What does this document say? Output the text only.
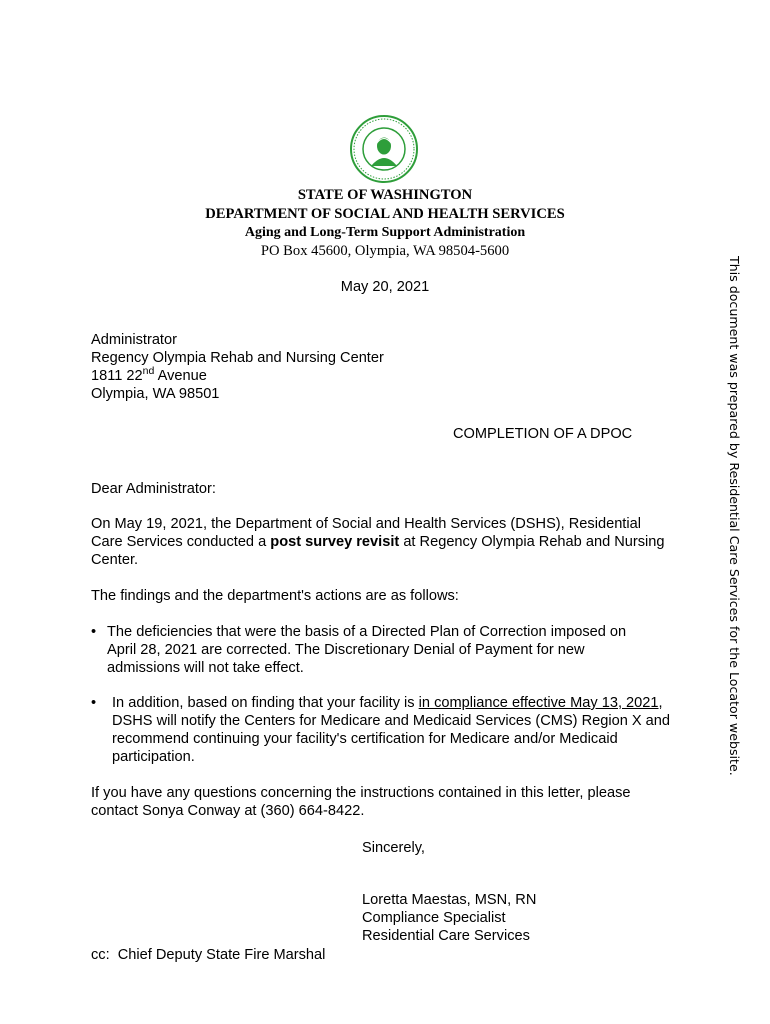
STATE OF WASHINGTON
DEPARTMENT OF SOCIAL AND HEALTH SERVICES
Aging and Long-Term Support Administration
PO Box 45600, Olympia, WA 98504-5600
May 20, 2021
Administrator
Regency Olympia Rehab and Nursing Center
1811 22nd Avenue
Olympia, WA 98501
COMPLETION OF A DPOC
Dear Administrator:

On May 19, 2021, the Department of Social and Health Services (DSHS), Residential Care Services conducted a post survey revisit at Regency Olympia Rehab and Nursing Center.

The findings and the department's actions are as follows:

• The deficiencies that were the basis of a Directed Plan of Correction imposed on April 28, 2021 are corrected. The Discretionary Denial of Payment for new admissions will not take effect.

• In addition, based on finding that your facility is in compliance effective May 13, 2021, DSHS will notify the Centers for Medicare and Medicaid Services (CMS) Region X and recommend continuing your facility's certification for Medicare and/or Medicaid participation.

If you have any questions concerning the instructions contained in this letter, please contact Sonya Conway at (360) 664-8422.

Sincerely,
Loretta Maestas, MSN, RN
Compliance Specialist
Residential Care Services
cc:  Chief Deputy State Fire Marshal
This document was prepared by Residential Care Services for the Locator website.
